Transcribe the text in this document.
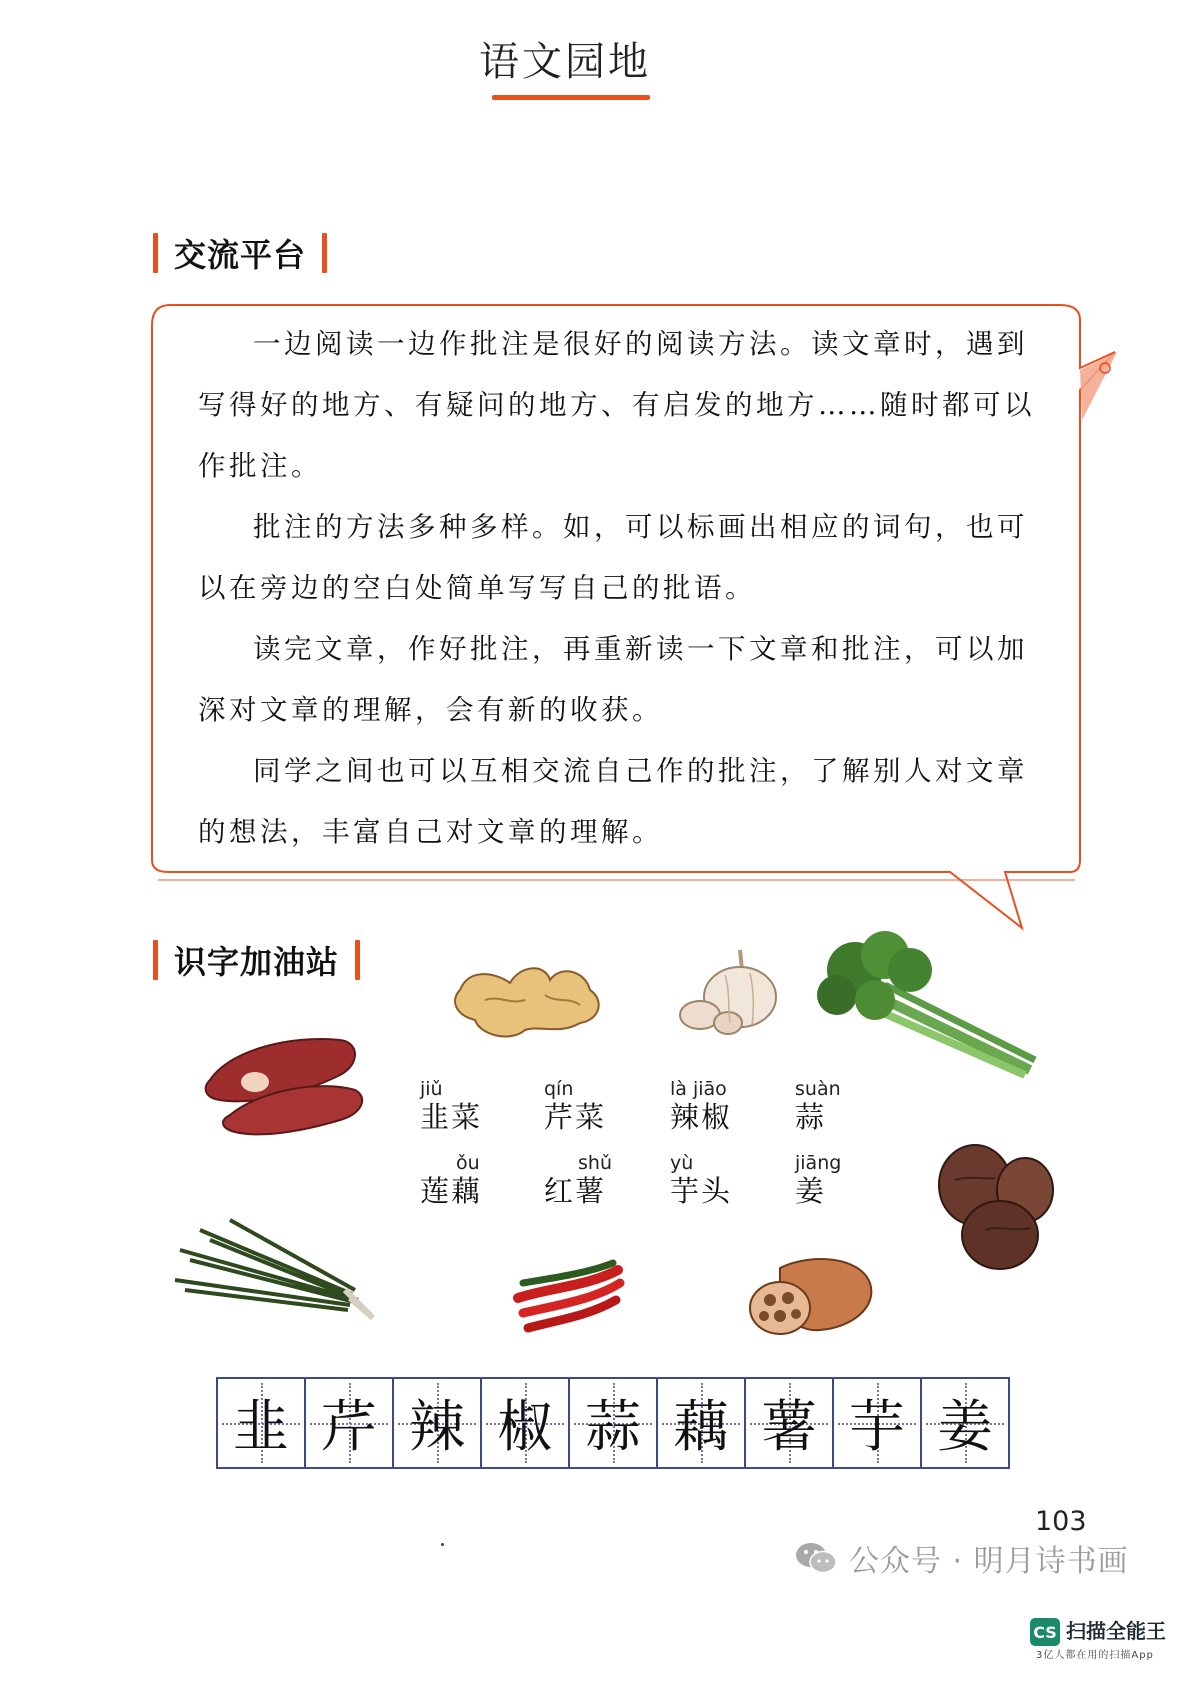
语文园地
交流平台

一边阅读一边作批注是很好的阅读方法。读文章时，遇到写得好的地方、有疑问的地方、有启发的地方……随时都可以作批注。

批注的方法多种多样。如，可以标画出相应的词句，也可以在旁边的空白处简单写写自己的批语。

读完文章，作好批注，再重新读一下文章和批注，可以加深对文章的理解，会有新的收获。

同学之间也可以互相交流自己作的批注，了解别人对文章的想法，丰富自己对文章的理解。

识字加油站
jiǔ
韭菜
qín
芹菜
là jiāo
辣椒
suàn
蒜
ǒu
莲藕
shǔ
红薯
yù
芋头
jiāng
姜
韭 芹 辣 椒 蒜 藕 薯 芋 姜
103
公众号 · 明月诗书画
CS 扫描全能王
3亿人都在用的扫描App
